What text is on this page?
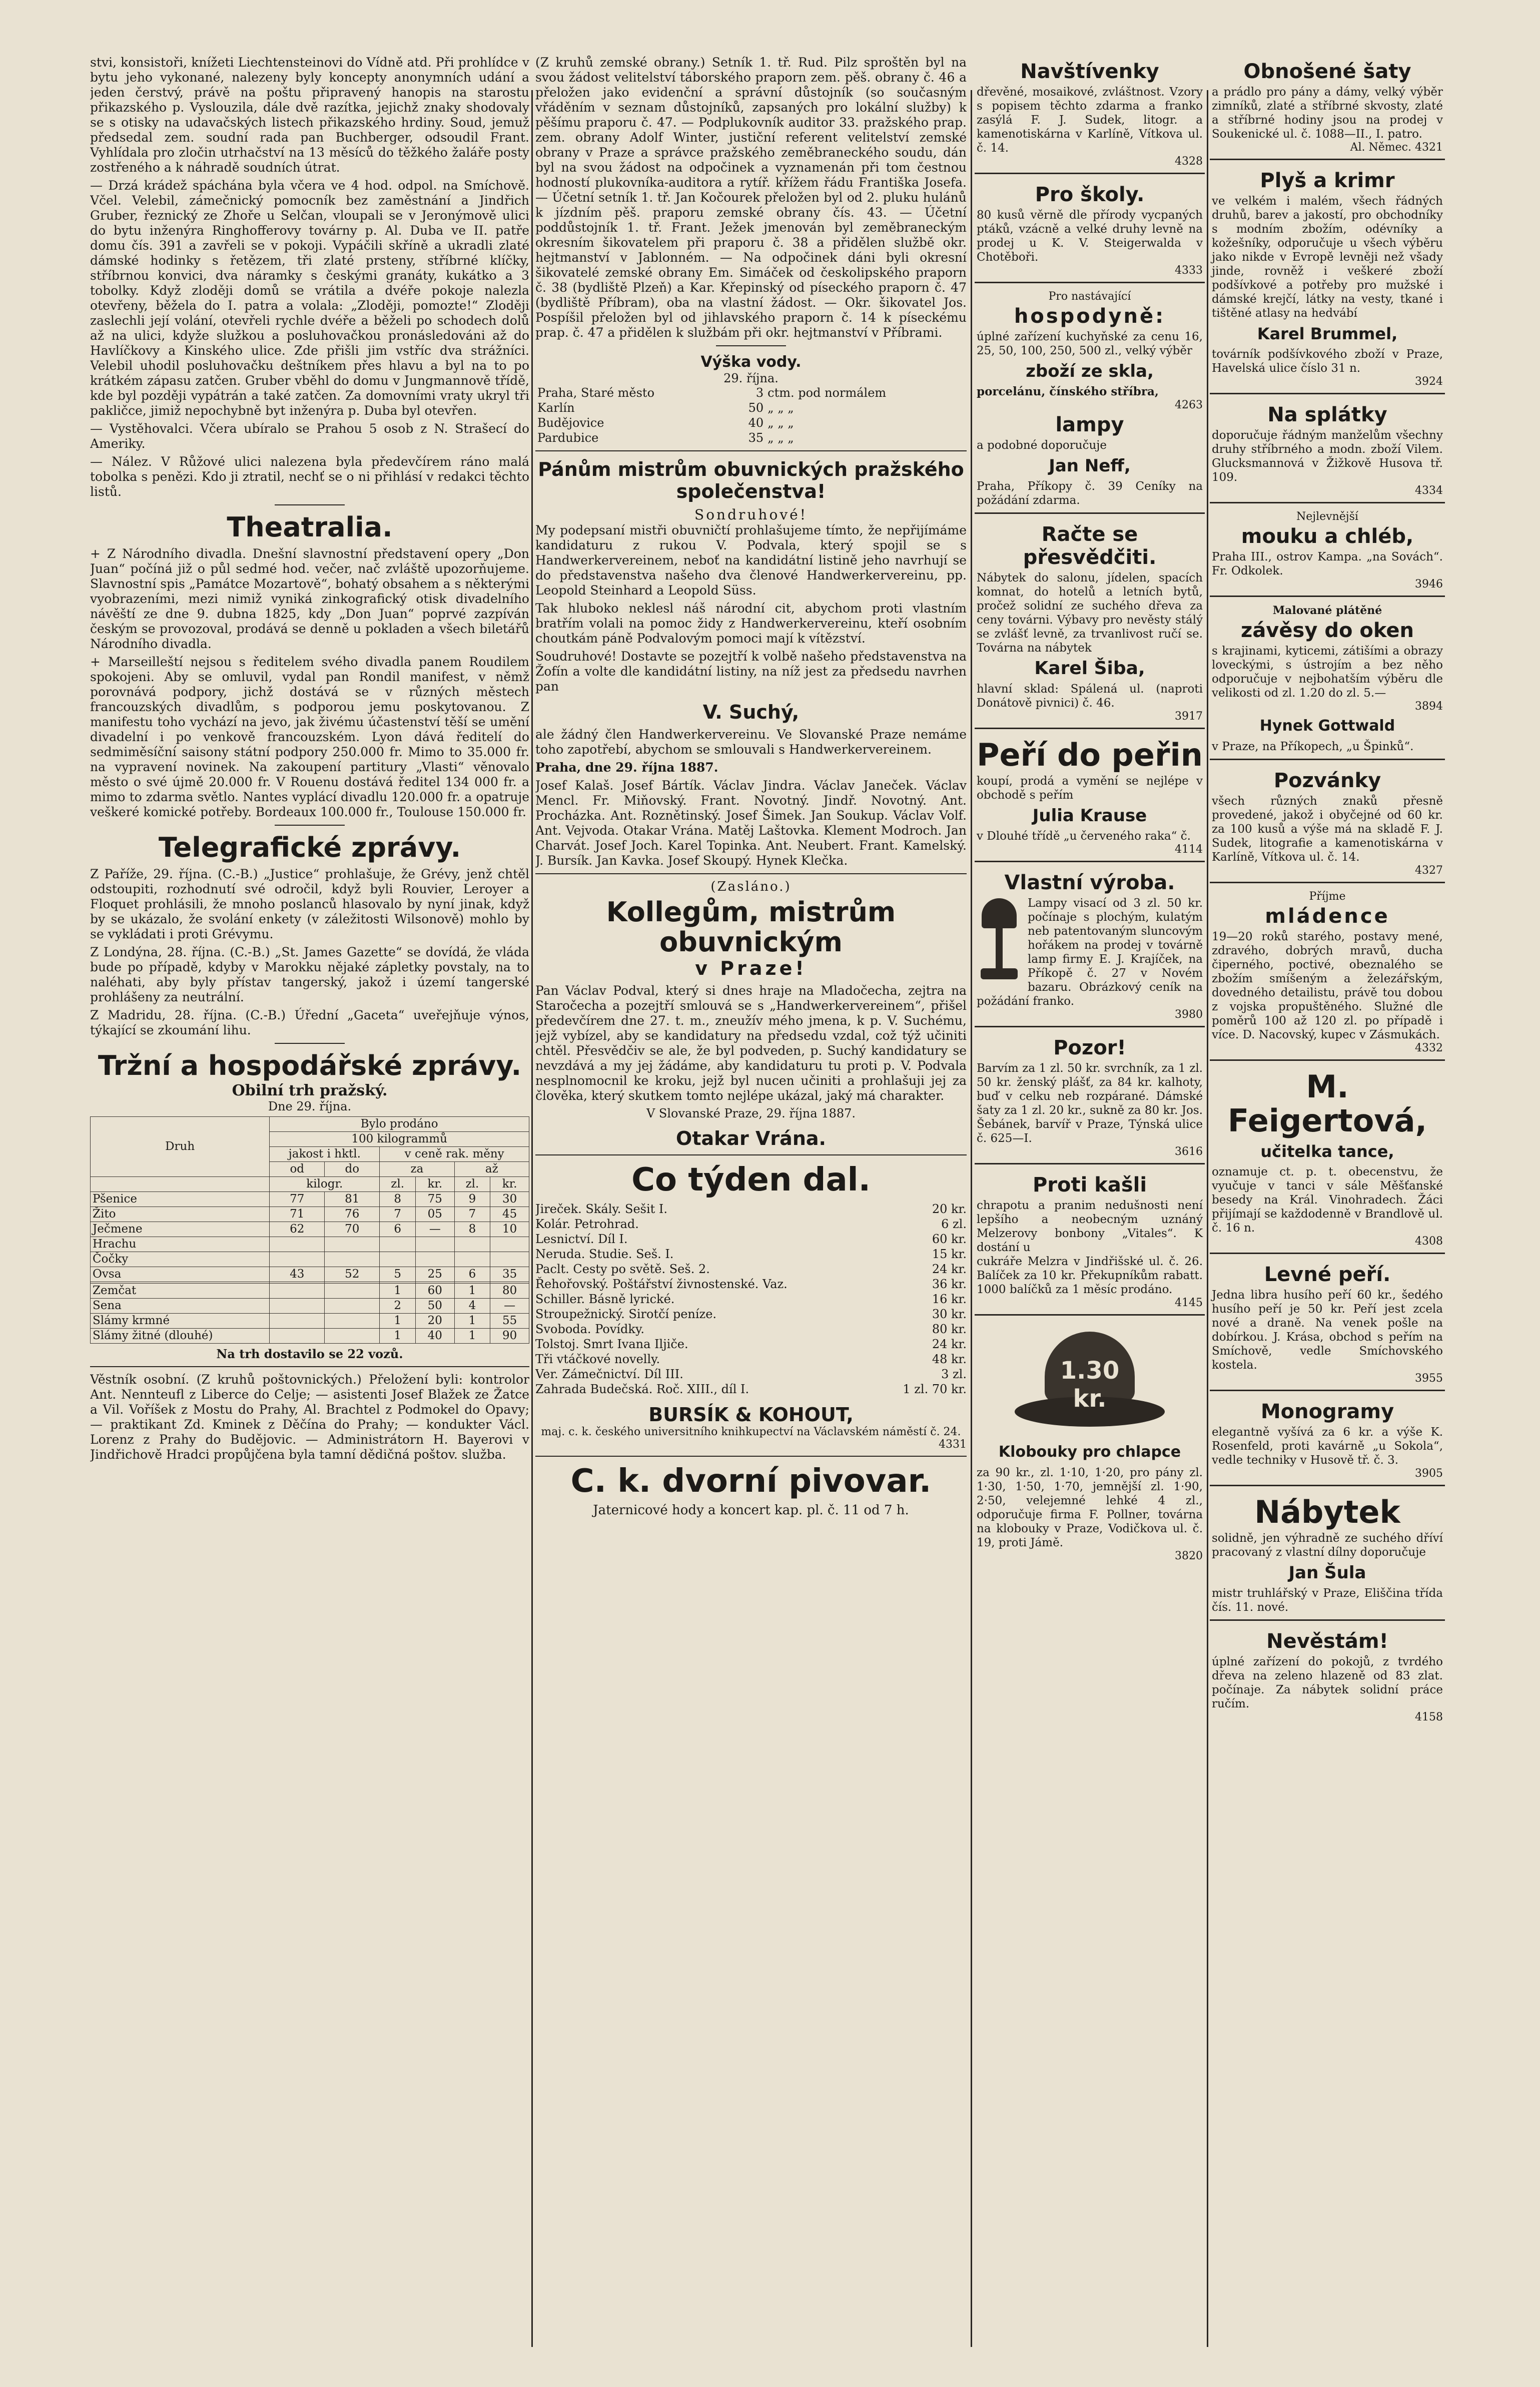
stvi, konsistoři, knížeti Liechtensteinovi do Vídně atd. Při prohlídce v bytu jeho vykonané, nalezeny byly koncepty anonymních udání a jeden čerstvý, právě na poštu připravený hanopis na starostu přikazského p. Vyslouzila, dále dvě razítka, jejichž znaky shodovaly se s otisky na udavačských listech přikazského hrdiny. Soud, jemuž předsedal zem. soudní rada pan Buchberger, odsoudil Frant. Vyhlídala pro zločin utrhačství na 13 měsíců do těžkého žaláře posty zostřeného a k náhradě soudních útrat.

— Drzá krádež spáchána byla včera ve 4 hod. odpol. na Smíchově. Včel. Velebil, zámečnický pomocník bez zaměstnání a Jindřich Gruber, řeznický ze Zhoře u Selčan, vloupali se v Jeronýmově ulici do bytu inženýra Ringhofferovy továrny p. Al. Duba ve II. patře domu čís. 391 a zavřeli se v pokoji. Vypáčili skříně a ukradli zlaté dámské hodinky s řetězem, tři zlaté prsteny, stříbrné klíčky, stříbrnou konvici, dva náramky s českými granáty, kukátko a 3 tobolky. Když zloději domů se vrátila a dvéře pokoje nalezla otevřeny, běžela do I. patra a volala: „Zloději, pomozte!“ Zloději zaslechli její volání, otevřeli rychle dvéře a běželi po schodech dolů až na ulici, kdyže služkou a posluhovačkou pronásledováni až do Havlíčkovy a Kinského ulice. Zde přišli jim vstříc dva strážníci. Velebil uhodil posluhovačku deštníkem přes hlavu a byl na to po krátkém zápasu zatčen. Gruber vběhl do domu v Jungmannově třídě, kde byl později vypátrán a také zatčen. Za domovními vraty ukryl tři pakličce, jimiž nepochybně byt inženýra p. Duba byl otevřen.

— Vystěhovalci. Včera ubíralo se Prahou 5 osob z N. Strašecí do Ameriky.

— Nález. V Růžové ulici nalezena byla předevčírem ráno malá tobolka s penězi. Kdo ji ztratil, nechť se o ni přihlásí v redakci těchto listů.

Theatralia.

+ Z Národního divadla. Dnešní slavnostní představení opery „Don Juan“ počíná již o půl sedmé hod. večer, nač zvláště upozorňujeme. Slavnostní spis „Památce Mozartově“, bohatý obsahem a s některými vyobrazeními, mezi nimiž vyniká zinkografický otisk divadelního návěští ze dne 9. dubna 1825, kdy „Don Juan“ poprvé zazpíván českým se provozoval, prodává se denně u pokladen a všech biletářů Národního divadla.

+ Marseilleští nejsou s ředitelem svého divadla panem Roudilem spokojeni. Aby se omluvil, vydal pan Rondil manifest, v němž porovnává podpory, jichž dostává se v různých městech francouzských divadlům, s podporou jemu poskytovanou. Z manifestu toho vychází na jevo, jak živému účastenství těší se umění divadelní i po venkově francouzském. Lyon dává ředitelí do sedmiměsíční saisony státní podpory 250.000 fr. Mimo to 35.000 fr. na vypravení novinek. Na zakoupení partitury „Vlasti“ věnovalo město o své újmě 20.000 fr. V Rouenu dostává ředitel 134 000 fr. a mimo to zdarma světlo. Nantes vyplácí divadlu 120.000 fr. a opatruje veškeré komické potřeby. Bordeaux 100.000 fr., Toulouse 150.000 fr.

Telegrafické zprávy.

Z Paříže, 29. října. (C.-B.) „Justice“ prohlašuje, že Grévy, jenž chtěl odstoupiti, rozhodnutí své odročil, když byli Rouvier, Leroyer a Floquet prohlásili, že mnoho poslanců hlasovalo by nyní jinak, když by se ukázalo, že svolání enkety (v záležitosti Wilsonově) mohlo by se vykládati i proti Grévymu.

Z Londýna, 28. října. (C.-B.) „St. James Gazette“ se dovídá, že vláda bude po případě, kdyby v Marokku nějaké zápletky povstaly, na to naléhati, aby byly přístav tangerský, jakož i území tangerské prohlášeny za neutrální.

Z Madridu, 28. října. (C.-B.) Úřední „Gaceta“ uveřejňuje výnos, týkající se zkoumání lihu.

Tržní a hospodářské zprávy.
Obilní trh pražský.
Dne 29. října.
Druh	Bylo prodáno					
	100 kilogrammů					
	jakost i hktl.		v ceně rak. měny			
	od	do	za		až	
	kilogr.		zl.	kr.	zl.	kr.
Pšenice	77	81	8	75	9	30
Žito	71	76	7	05	7	45
Ječmene	62	70	6	—	8	10
Hrachu						
Čočky						
Ovsa	43	52	5	25	6	35

Zemčat			1	60	1	80
Sena			2	50	4	—
Slámy krmné			1	20	1	55
Slámy žitné (dlouhé)			1	40	1	90
Na trh dostavilo se 22 vozů.

Věstník osobní. (Z kruhů poštovnických.) Přeložení byli: kontrolor Ant. Nennteufl z Liberce do Celje; — asistenti Josef Blažek ze Žatce a Vil. Voříšek z Mostu do Prahy, Al. Brachtel z Podmokel do Opavy; — praktikant Zd. Kminek z Děčína do Prahy; — kondukter Václ. Lorenz z Prahy do Budějovic. — Administrátorn H. Bayerovi v Jindřichově Hradci propůjčena byla tamní dědičná poštov. služba.

(Z kruhů zemské obrany.) Setník 1. tř. Rud. Pilz sproštěn byl na svou žádost velitelství táborského praporn zem. pěš. obrany č. 46 a přeložen jako evidenční a správní důstojník (so současným vřáděním v seznam důstojníků, zapsaných pro lokální služby) k pěšímu praporu č. 47. — Podplukovník auditor 33. pražského prap. zem. obrany Adolf Winter, justiční referent velitelství zemské obrany v Praze a správce pražského zeměbraneckého soudu, dán byl na svou žádost na odpočinek a vyznamenán při tom čestnou hodností plukovníka-auditora a rytíř. křížem řádu Františka Josefa. — Účetní setník 1. tř. Jan Kočourek přeložen byl od 2. pluku hulánů k jízdním pěš. praporu zemské obrany čís. 43. — Účetní poddůstojník 1. tř. Frant. Ježek jmenován byl zeměbraneckým okresním šikovatelem při praporu č. 38 a přidělen službě okr. hejtmanství v Jablonném. — Na odpočinek dáni byli okresní šikovatelé zemské obrany Em. Simáček od českolipského praporn č. 38 (bydliště Plzeň) a Kar. Křepinský od píseckého praporn č. 47 (bydliště Příbram), oba na vlastní žádost. — Okr. šikovatel Jos. Pospíšil přeložen byl od jihlavského praporn č. 14 k píseckému prap. č. 47 a přidělen k službám při okr. hejtmanství v Příbrami.

Výška vody.
29. října.
Praha, Staré město	3	ctm. pod normálem
Karlín	50	„ „ „
Budějovice	40	„ „ „
Pardubice	35	„ „ „
Pánům mistrům obuvnických pražského společenstva!
Sondruhové!

My podepsaní mistři obuvničtí prohlašujeme tímto, že nepřijímáme kandidaturu z rukou V. Podvala, který spojil se s Handwerkervereinem, neboť na kandidátní listině jeho navrhují se do představenstva našeho dva členové Handwerkervereinu, pp. Leopold Steinhard a Leopold Süss.

Tak hluboko neklesl náš národní cit, abychom proti vlastním bratřím volali na pomoc židy z Handwerkervereinu, kteří osobním choutkám páně Podvalovým pomoci mají k vítězství.

Soudruhové! Dostavte se pozejtří k volbě našeho představenstva na Žofín a volte dle kandidátní listiny, na níž jest za předsedu navrhen pan

V. Suchý,

ale žádný člen Handwerkervereinu. Ve Slovanské Praze nemáme toho zapotřebí, abychom se smlouvali s Handwerkervereinem.

Praha, dne 29. října 1887.

Josef Kalaš. Josef Bártík. Václav Jindra. Václav Janeček. Václav Mencl. Fr. Miňovský. Frant. Novotný. Jindř. Novotný. Ant. Procházka. Ant. Roznětinský. Josef Šimek. Jan Soukup. Václav Volf. Ant. Vejvoda. Otakar Vrána. Matěj Laštovka. Klement Modroch. Jan Charvát. Josef Joch. Karel Topinka. Ant. Neubert. Frant. Kamelský. J. Bursík. Jan Kavka. Josef Skoupý. Hynek Klečka.

(Zasláno.)
Kollegům, mistrům obuvnickým
v Praze!

Pan Václav Podval, který si dnes hraje na Mladočecha, zejtra na Staročecha a pozejtří smlouvá se s „Handwerkervereinem“, přišel předevčírem dne 27. t. m., zneužív mého jmena, k p. V. Suchému, jejž vybízel, aby se kandidatury na předsedu vzdal, což týž učiniti chtěl. Přesvědčiv se ale, že byl podveden, p. Suchý kandidatury se nevzdává a my jej žádáme, aby kandidaturu tu proti p. V. Podvala nesplnomocnil ke kroku, jejž byl nucen učiniti a prohlašuji jej za člověka, který skutkem tomto nejlépe ukázal, jaký má charakter.

V Slovanské Praze, 29. října 1887.
Otakar Vrána.
Co týden dal.
Jireček. Skály. Sešit I.	20 kr.
Kolár. Petrohrad.	6 zl.
Lesnictví. Díl I.	60 kr.
Neruda. Studie. Seš. I.	15 kr.
Paclt. Cesty po světě. Seš. 2.	24 kr.
Řehořovský. Poštářství živnostenské. Vaz.	36 kr.
Schiller. Básně lyrické.	16 kr.
Stroupežnický. Sirotčí peníze.	30 kr.
Svoboda. Povídky.	80 kr.
Tolstoj. Smrt Ivana Iljiče.	24 kr.
Tři vtáčkové novelly.	48 kr.
Ver. Zámečnictví. Díl III.	3 zl.
Zahrada Budečská. Roč. XIII., díl I.	1 zl. 70 kr.
BURSÍK & KOHOUT,
maj. c. k. českého universitního knihkupectví na Václavském náměstí č. 24.
4331
C. k. dvorní pivovar.
Jaternicové hody a koncert kap. pl. č. 11 od 7 h.
Navštívenky

dřevěné, mosaikové, zvláštnost. Vzory s popisem těchto zdarma a franko zasýlá F. J. Sudek, litogr. a kamenotiskárna v Karlíně, Vítkova ul. č. 14.

4328

Pro školy.

80 kusů věrně dle přírody vycpaných ptáků, vzácně a velké druhy levně na prodej u K. V. Steigerwalda v Chotěboři.

4333

Pro nastávající
hospodyně:

úplné zařízení kuchyňské za cenu 16, 25, 50, 100, 250, 500 zl., velký výběr

zboží ze skla,

porcelánu, čínského stříbra,

4263

lampy

a podobné doporučuje

Jan Neff,

Praha, Příkopy č. 39 Ceníky na požádání zdarma.

Račte se přesvědčiti.

Nábytek do salonu, jídelen, spacích komnat, do hotelů a letních bytů, pročež solidní ze suchého dřeva za ceny továrni. Výbavy pro nevěsty stálý se zvlášť levně, za trvanlivost ručí se. Továrna na nábytek

Karel Šiba,

hlavní sklad: Spálená ul. (naproti Donátově pivnici) č. 46.

3917

Peří do peřin

koupí, prodá a vymění se nejlépe v obchodě s peřím

Julia Krause

v Dlouhé třídě „u červeného raka“ č.

4114

Vlastní výroba.

Lampy visací od 3 zl. 50 kr. počínaje s plochým, kulatým neb patentovaným sluncovým hořákem na prodej v továrně lamp firmy E. J. Krajíček, na Příkopě č. 27 v Novém bazaru. Obrázkový ceník na požádání franko.

3980

Pozor!

Barvím za 1 zl. 50 kr. svrchník, za 1 zl. 50 kr. ženský plášť, za 84 kr. kalhoty, buď v celku neb rozpárané. Dámské šaty za 1 zl. 20 kr., sukně za 80 kr. Jos. Šebánek, barvíř v Praze, Týnská ulice č. 625—I.

3616

Proti kašli

chrapotu a pranim nedušnosti není lepšího a neobecným uznáný Melzerovy bonbony „Vitales“. K dostání u

cukráře Melzra v Jindřišské ul. č. 26. Balíček za 10 kr. Překupníkům rabatt. 1000 balíčků za 1 měsíc prodáno.

4145

1.30 kr.
Klobouky pro chlapce

za 90 kr., zl. 1·10, 1·20, pro pány zl. 1·30, 1·50, 1·70, jemnější zl. 1·90, 2·50, velejemné lehké 4 zl., odporučuje firma F. Pollner, továrna na klobouky v Praze, Vodičkova ul. č. 19, proti Jámě.

3820

Obnošené šaty

a prádlo pro pány a dámy, velký výběr zimníků, zlaté a stříbrné skvosty, zlaté a stříbrné hodiny jsou na prodej v Soukenické ul. č. 1088—II., I. patro.

Al. Němec. 4321

Plyš a krimr

ve velkém i malém, všech řádných druhů, barev a jakostí, pro obchodníky s modním zbožím, odévníky a kožešníky, odporučuje u všech výběru jako nikde v Evropě levněji než všady jinde, rovněž i veškeré zboží podšívkové a potřeby pro mužské i dámské krejčí, látky na vesty, tkané i tištěné atlasy na hedvábí

Karel Brummel,

továrník podšívkového zboží v Praze, Havelská ulice číslo 31 n.

3924

Na splátky

doporučuje řádným manželům všechny druhy stříbrného a modn. zboží Vilem. Glucksmannová v Žižkově Husova tř. 109.

4334

Nejlevnější
mouku a chléb,

Praha III., ostrov Kampa. „na Sovách“. Fr. Odkolek.

3946

Malované plátěné
závěsy do oken

s krajinami, kyticemi, zátišími a obrazy loveckými, s ústrojím a bez něho odporučuje v nejbohatším výběru dle velikosti od zl. 1.20 do zl. 5.—

3894

Hynek Gottwald

v Praze, na Příkopech, „u Špinků“.

Pozvánky

všech různých znaků přesně provedené, jakož i obyčejné od 60 kr. za 100 kusů a výše má na skladě F. J. Sudek, litografie a kamenotiskárna v Karlíně, Vítkova ul. č. 14.

4327

Příjme
mládence

19—20 roků starého, postavy mené, zdravého, dobrých mravů, ducha čiperného, poctivé, obeznalého se zbožím smíšeným a železářským, dovedného detailistu, právě tou dobou z vojska propuštěného. Služné dle poměrů 100 až 120 zl. po případě i více. D. Nacovský, kupec v Zásmukách.

4332

M. Feigertová,
učitelka tance,

oznamuje ct. p. t. obecenstvu, že vyučuje v tanci v sále Měšťanské besedy na Král. Vinohradech. Žáci přijímají se každodenně v Brandlově ul. č. 16 n.

4308

Levné peří.

Jedna libra husího peří 60 kr., šedého husího peří je 50 kr. Peří jest zcela nové a draně. Na venek pošle na dobírkou. J. Krása, obchod s peřím na Smíchově, vedle Smíchovského kostela.

3955

Monogramy

elegantně vyšívá za 6 kr. a výše K. Rosenfeld, proti kavárně „u Sokola“, vedle techniky v Husově tř. č. 3.

3905

Nábytek

solidně, jen výhradně ze suchého dříví pracovaný z vlastní dílny doporučuje

Jan Šula

mistr truhlářský v Praze, Eliščina třída čís. 11. nové.

Nevěstám!

úplné zařízení do pokojů, z tvrdého dřeva na zeleno hlazeně od 83 zlat. počínaje. Za nábytek solidní práce ručím.

4158
